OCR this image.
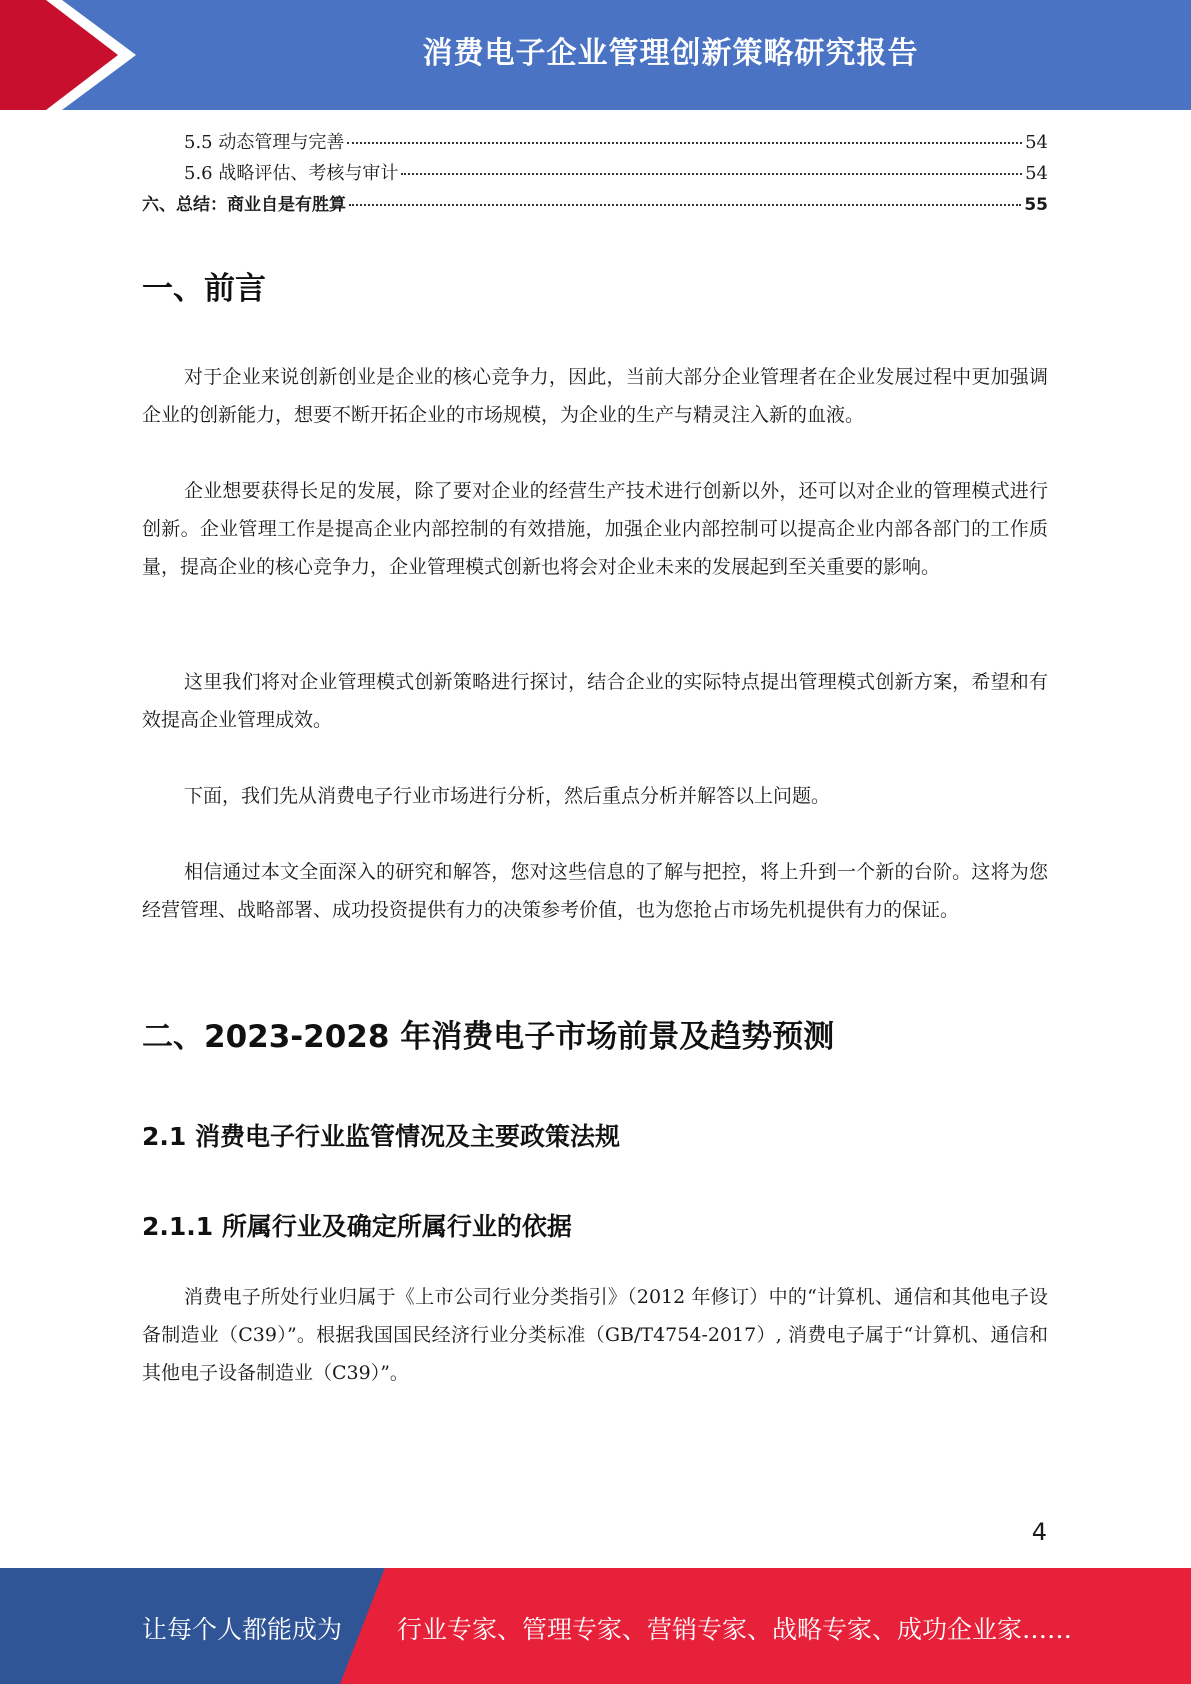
消费电子企业管理创新策略研究报告
5.5 动态管理与完善	54
5.6 战略评估、考核与审计	54
六、总结：商业自是有胜算	55
一、前言

对于企业来说创新创业是企业的核心竞争力，因此，当前大部分企业管理者在企业发展过程中更加强调企业的创新能力，想要不断开拓企业的市场规模，为企业的生产与精灵注入新的血液。

企业想要获得长足的发展，除了要对企业的经营生产技术进行创新以外，还可以对企业的管理模式进行创新。企业管理工作是提高企业内部控制的有效措施，加强企业内部控制可以提高企业内部各部门的工作质量，提高企业的核心竞争力，企业管理模式创新也将会对企业未来的发展起到至关重要的影响。

这里我们将对企业管理模式创新策略进行探讨，结合企业的实际特点提出管理模式创新方案，希望和有效提高企业管理成效。

下面，我们先从消费电子行业市场进行分析，然后重点分析并解答以上问题。

相信通过本文全面深入的研究和解答，您对这些信息的了解与把控，将上升到一个新的台阶。这将为您经营管理、战略部署、成功投资提供有力的决策参考价值，也为您抢占市场先机提供有力的保证。

二、2023-2028 年消费电子市场前景及趋势预测
2.1 消费电子行业监管情况及主要政策法规
2.1.1 所属行业及确定所属行业的依据

消费电子所处行业归属于《上市公司行业分类指引》（2012 年修订）中的“计算机、通信和其他电子设备制造业（C39）”。根据我国国民经济行业分类标准（GB/T4754-2017）, 消费电子属于“计算机、通信和其他电子设备制造业（C39）”。

4
让每个人都能成为 行业专家、管理专家、营销专家、战略专家、成功企业家……
